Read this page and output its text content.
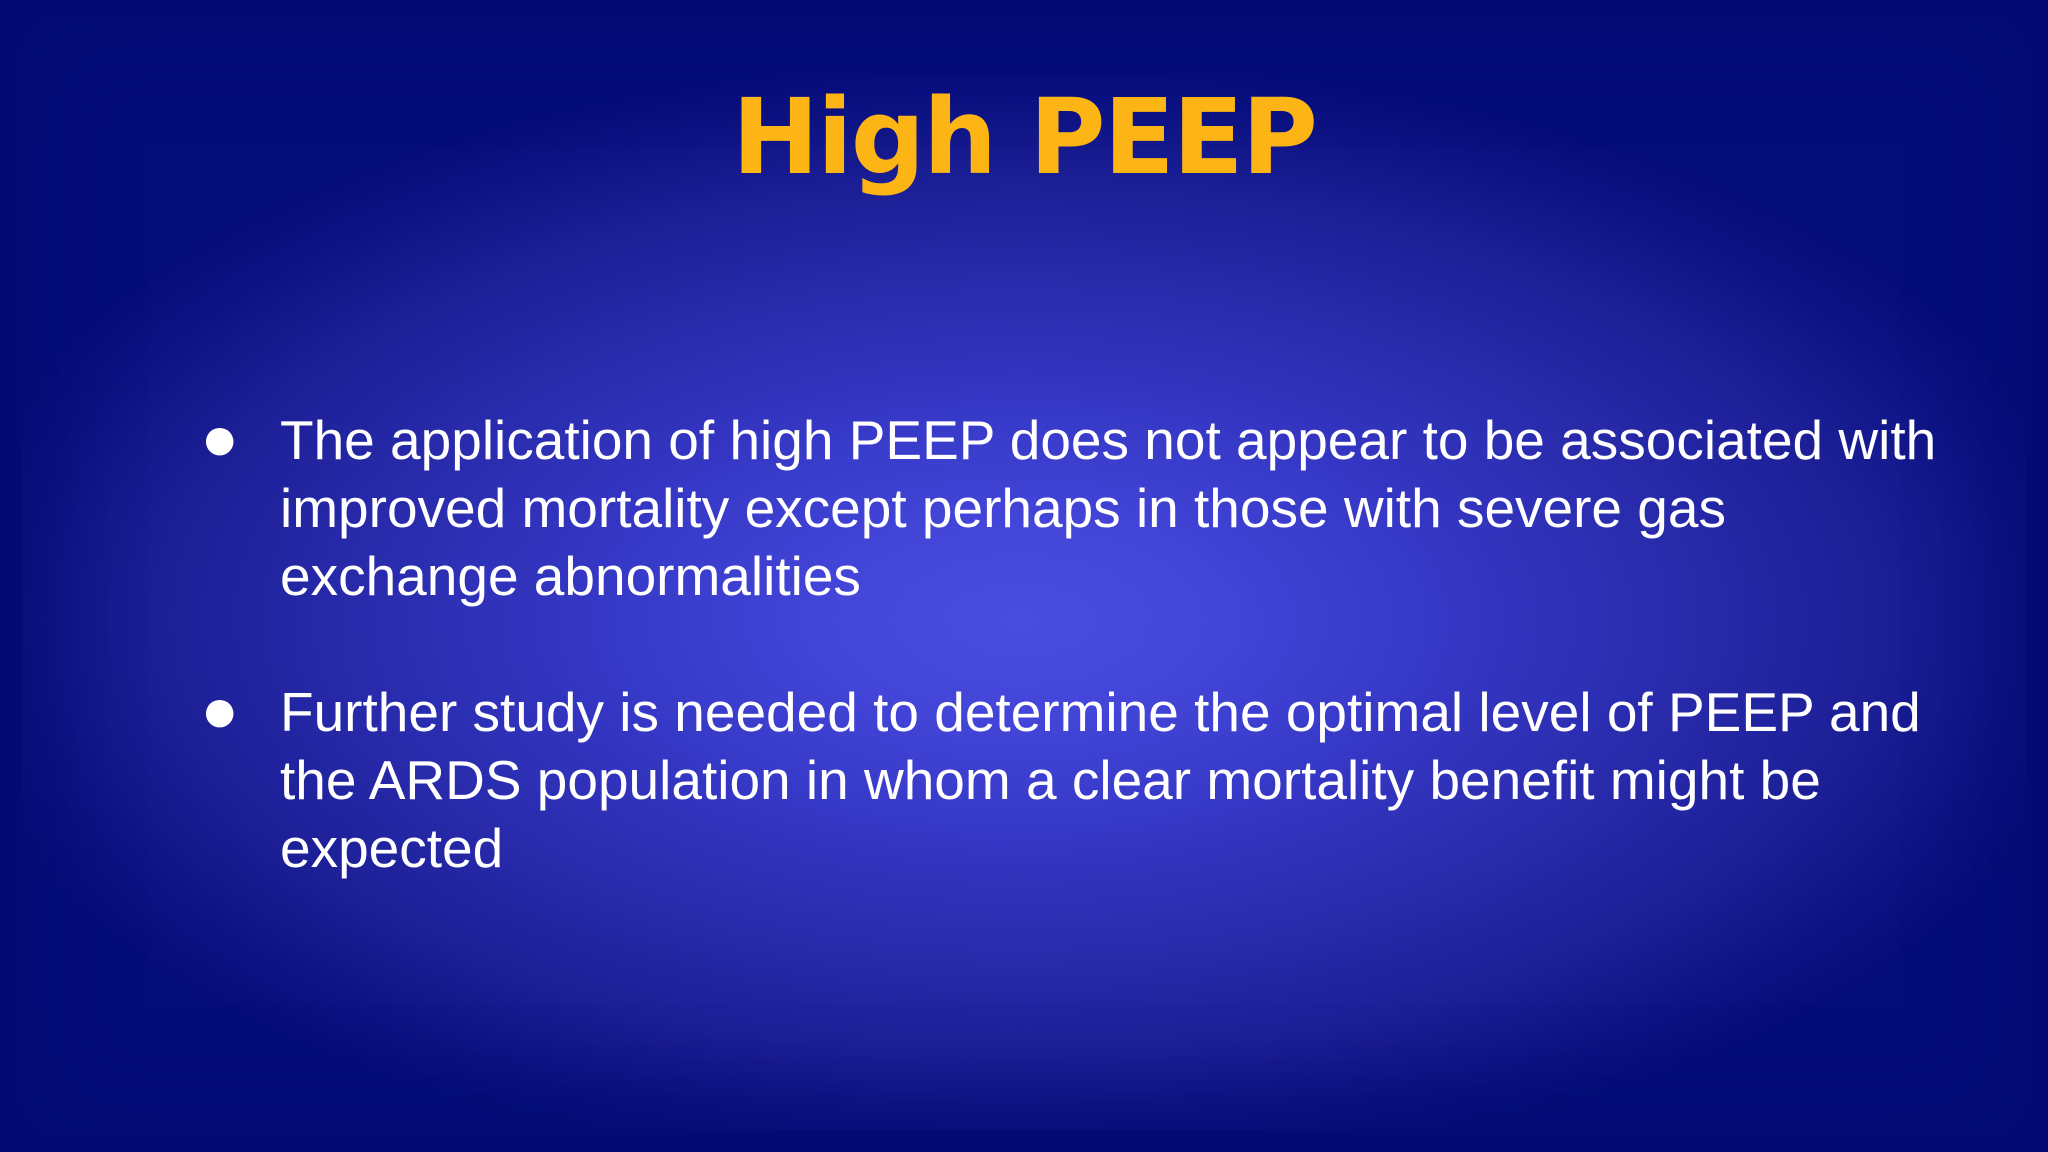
High PEEP
● The application of high PEEP does not appear to be associated with improved mortality except perhaps in those with severe gas exchange abnormalities
● Further study is needed to determine the optimal level of PEEP and the ARDS population in whom a clear mortality benefit might be expected
